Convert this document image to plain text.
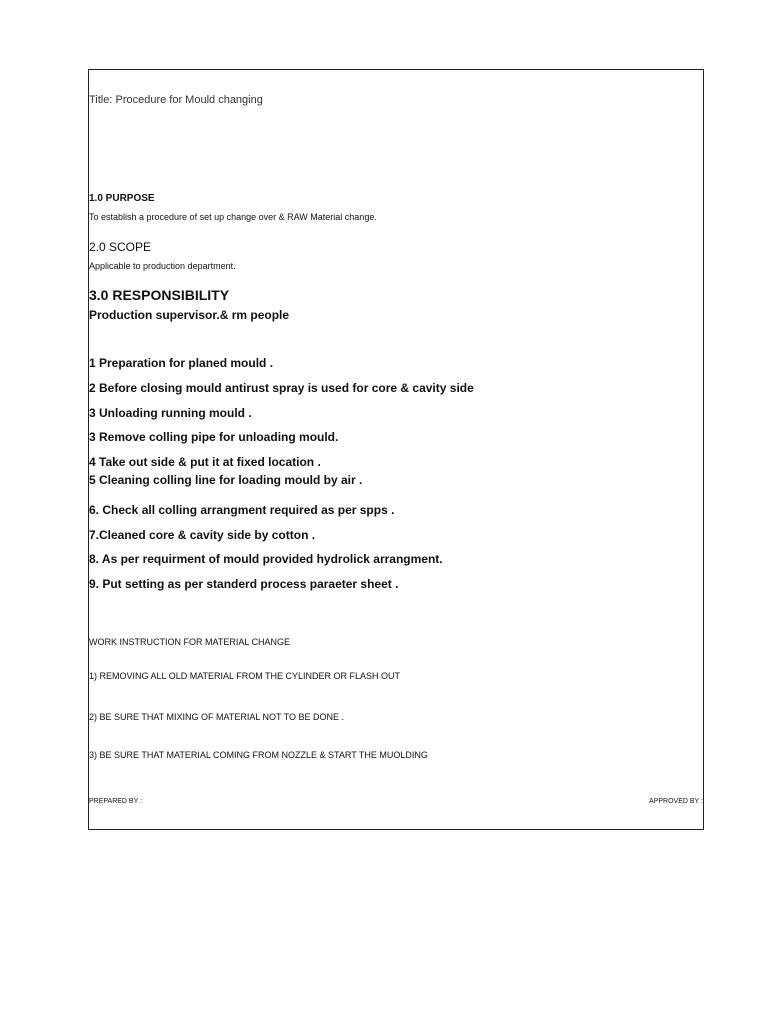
Title: Procedure for Mould changing
1.0 PURPOSE
To establish a procedure of set up change over & RAW Material change.
2.0 SCOPE
Applicable to production department.
3.0 RESPONSIBILITY
Production supervisor.& rm people
1 Preparation for planed mould .
2 Before closing mould antirust spray is used for core & cavity side
3 Unloading running mould .
3 Remove colling pipe for unloading mould.
4 Take out side & put it at fixed location .
5 Cleaning colling line for loading mould by air .
6. Check all colling arrangment required as per spps .
7.Cleaned core & cavity side by cotton .
8. As per requirment of mould provided hydrolick arrangment.
9. Put setting as per standerd process paraeter sheet .
WORK INSTRUCTION FOR MATERIAL CHANGE
1) REMOVING ALL OLD MATERIAL FROM THE CYLINDER OR FLASH OUT
2) BE SURE THAT MIXING OF MATERIAL NOT TO BE DONE .
3) BE SURE THAT MATERIAL COMING FROM NOZZLE & START THE MUOLDING
PREPARED BY :	APPROVED BY :
